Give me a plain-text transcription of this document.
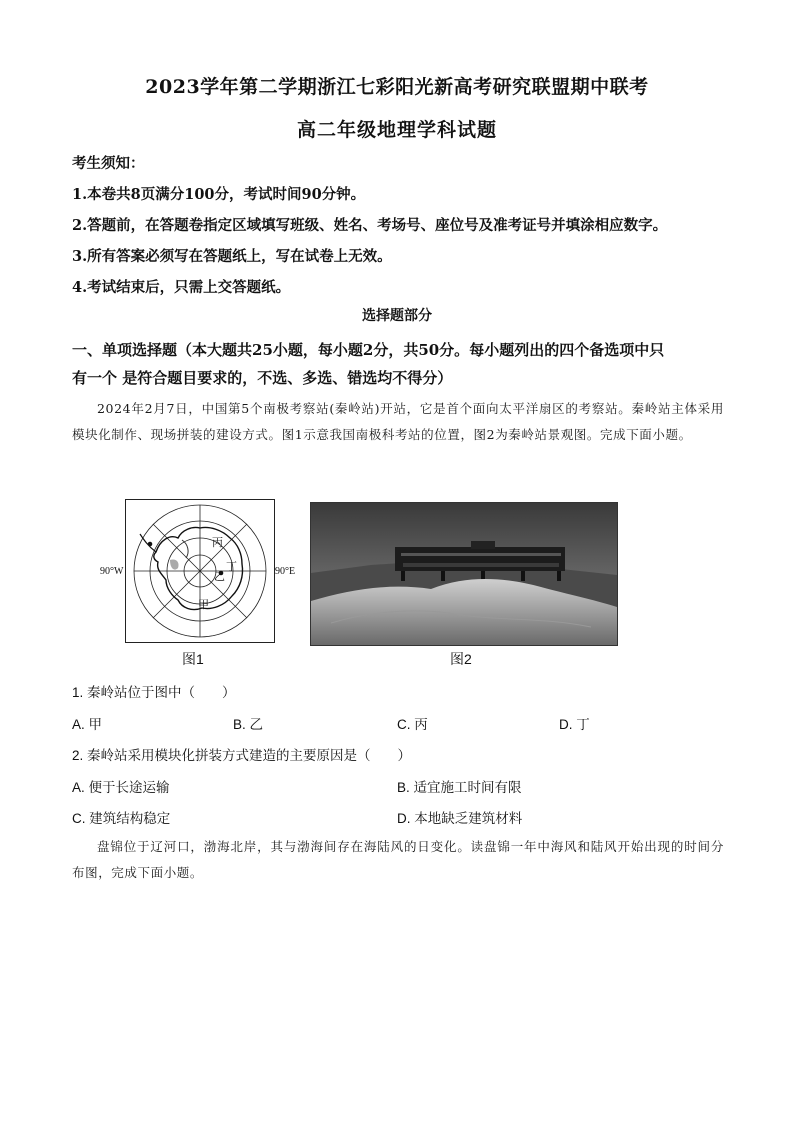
2023学年第二学期浙江七彩阳光新高考研究联盟期中联考
高二年级地理学科试题
考生须知：
1.本卷共8页满分100分，考试时间90分钟。
2.答题前，在答题卷指定区域填写班级、姓名、考场号、座位号及准考证号并填涂相应数字。
3.所有答案必须写在答题纸上，写在试卷上无效。
4.考试结束后，只需上交答题纸。
选择题部分
一、单项选择题（本大题共25小题，每小题2分，共50分。每小题列出的四个备选项中只
有一个 是符合题目要求的，不选、多选、错选均不得分）
2024年2月7日，中国第5个南极考察站(秦岭站)开站，它是首个面向太平洋扇区的考察站。秦岭站主体采用模块化制作、现场拼装的建设方式。图1示意我国南极科考站的位置，图2为秦岭站景观图。完成下面小题。
丙
丁
乙
甲
90°W	90°E
图1	图2
1. 秦岭站位于图中（　　）
A. 甲	B. 乙	C. 丙	D. 丁
2. 秦岭站采用模块化拼装方式建造的主要原因是（　　）
A. 便于长途运输	B. 适宜施工时间有限
C. 建筑结构稳定	D. 本地缺乏建筑材料
盘锦位于辽河口，渤海北岸，其与渤海间存在海陆风的日变化。读盘锦一年中海风和陆风开始出现的时间分布图，完成下面小题。
